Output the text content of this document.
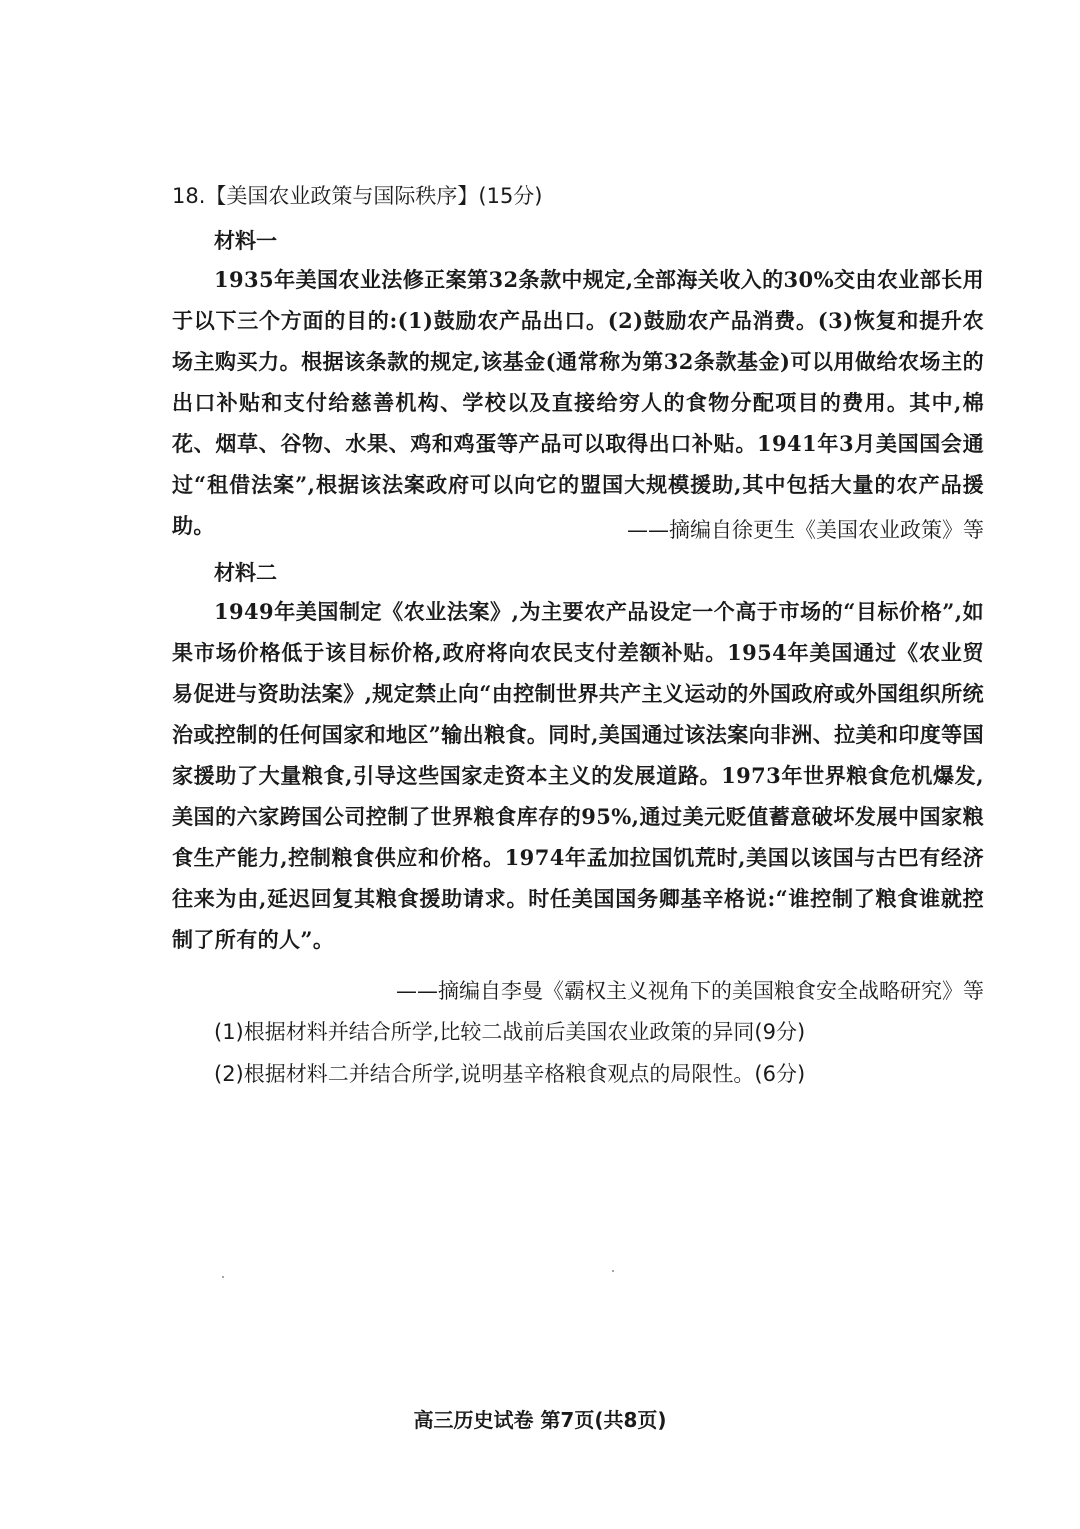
18.【美国农业政策与国际秩序】(15分)
材料一

1935年美国农业法修正案第32条款中规定,全部海关收入的30%交由农业部长用于以下三个方面的目的:(1)鼓励农产品出口。(2)鼓励农产品消费。(3)恢复和提升农场主购买力。根据该条款的规定,该基金(通常称为第32条款基金)可以用做给农场主的出口补贴和支付给慈善机构、学校以及直接给穷人的食物分配项目的费用。其中,棉花、烟草、谷物、水果、鸡和鸡蛋等产品可以取得出口补贴。1941年3月美国国会通过“租借法案”,根据该法案政府可以向它的盟国大规模援助,其中包括大量的农产品援助。	——摘编自徐更生《美国农业政策》等
材料二

1949年美国制定《农业法案》,为主要农产品设定一个高于市场的“目标价格”,如果市场价格低于该目标价格,政府将向农民支付差额补贴。1954年美国通过《农业贸易促进与资助法案》,规定禁止向“由控制世界共产主义运动的外国政府或外国组织所统治或控制的任何国家和地区”输出粮食。同时,美国通过该法案向非洲、拉美和印度等国家援助了大量粮食,引导这些国家走资本主义的发展道路。1973年世界粮食危机爆发,美国的六家跨国公司控制了世界粮食库存的95%,通过美元贬值蓄意破坏发展中国家粮食生产能力,控制粮食供应和价格。1974年孟加拉国饥荒时,美国以该国与古巴有经济往来为由,延迟回复其粮食援助请求。时任美国国务卿基辛格说:“谁控制了粮食谁就控制了所有的人”。

——摘编自李曼《霸权主义视角下的美国粮食安全战略研究》等
(1)根据材料并结合所学,比较二战前后美国农业政策的异同(9分)
(2)根据材料二并结合所学,说明基辛格粮食观点的局限性。(6分)
高三历史试卷 第7页(共8页)
